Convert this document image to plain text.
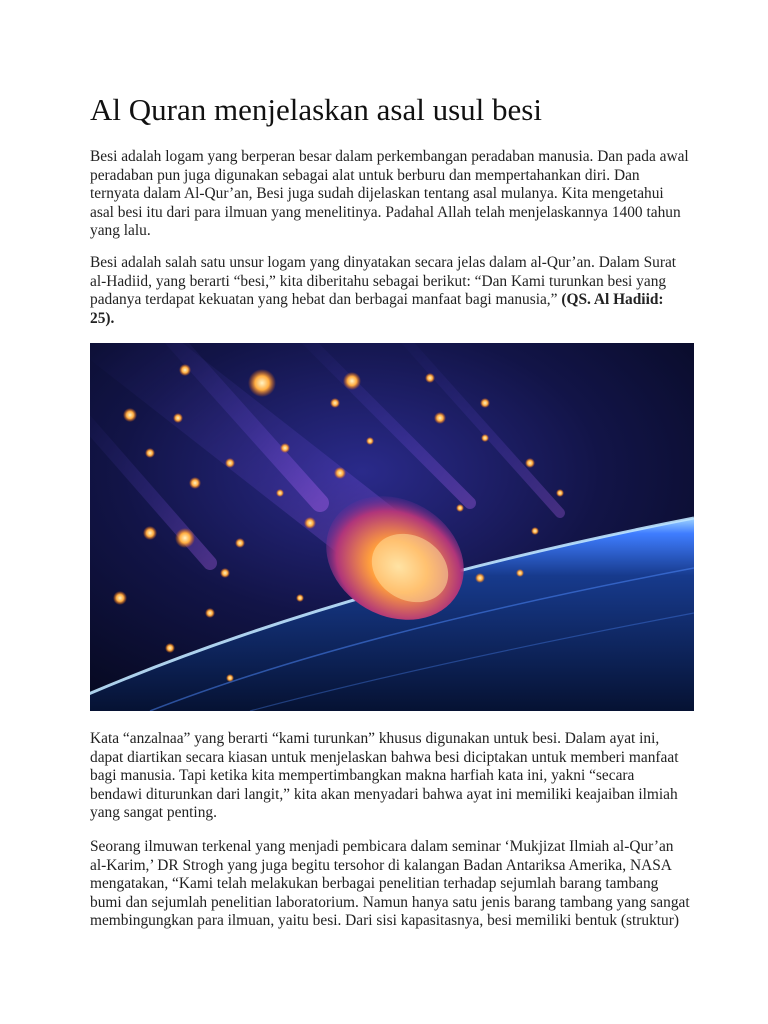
Al Quran menjelaskan asal usul besi

Besi adalah logam yang berperan besar dalam perkembangan peradaban manusia. Dan pada awal
peradaban pun juga digunakan sebagai alat untuk berburu dan mempertahankan diri. Dan
ternyata dalam Al-Qur’an, Besi juga sudah dijelaskan tentang asal mulanya. Kita mengetahui
asal besi itu dari para ilmuan yang menelitinya. Padahal Allah telah menjelaskannya 1400 tahun
yang lalu.

Besi adalah salah satu unsur logam yang dinyatakan secara jelas dalam al-Qur’an. Dalam Surat
al-Hadiid, yang berarti “besi,” kita diberitahu sebagai berikut: “Dan Kami turunkan besi yang
padanya terdapat kekuatan yang hebat dan berbagai manfaat bagi manusia,” (QS. Al Hadiid:
25).

Kata “anzalnaa” yang berarti “kami turunkan” khusus digunakan untuk besi. Dalam ayat ini,
dapat diartikan secara kiasan untuk menjelaskan bahwa besi diciptakan untuk memberi manfaat
bagi manusia. Tapi ketika kita mempertimbangkan makna harfiah kata ini, yakni “secara
bendawi diturunkan dari langit,” kita akan menyadari bahwa ayat ini memiliki keajaiban ilmiah
yang sangat penting.

Seorang ilmuwan terkenal yang menjadi pembicara dalam seminar ‘Mukjizat Ilmiah al-Qur’an
al-Karim,’ DR Strogh yang juga begitu tersohor di kalangan Badan Antariksa Amerika, NASA
mengatakan, “Kami telah melakukan berbagai penelitian terhadap sejumlah barang tambang
bumi dan sejumlah penelitian laboratorium. Namun hanya satu jenis barang tambang yang sangat
membingungkan para ilmuan, yaitu besi. Dari sisi kapasitasnya, besi memiliki bentuk (struktur)
